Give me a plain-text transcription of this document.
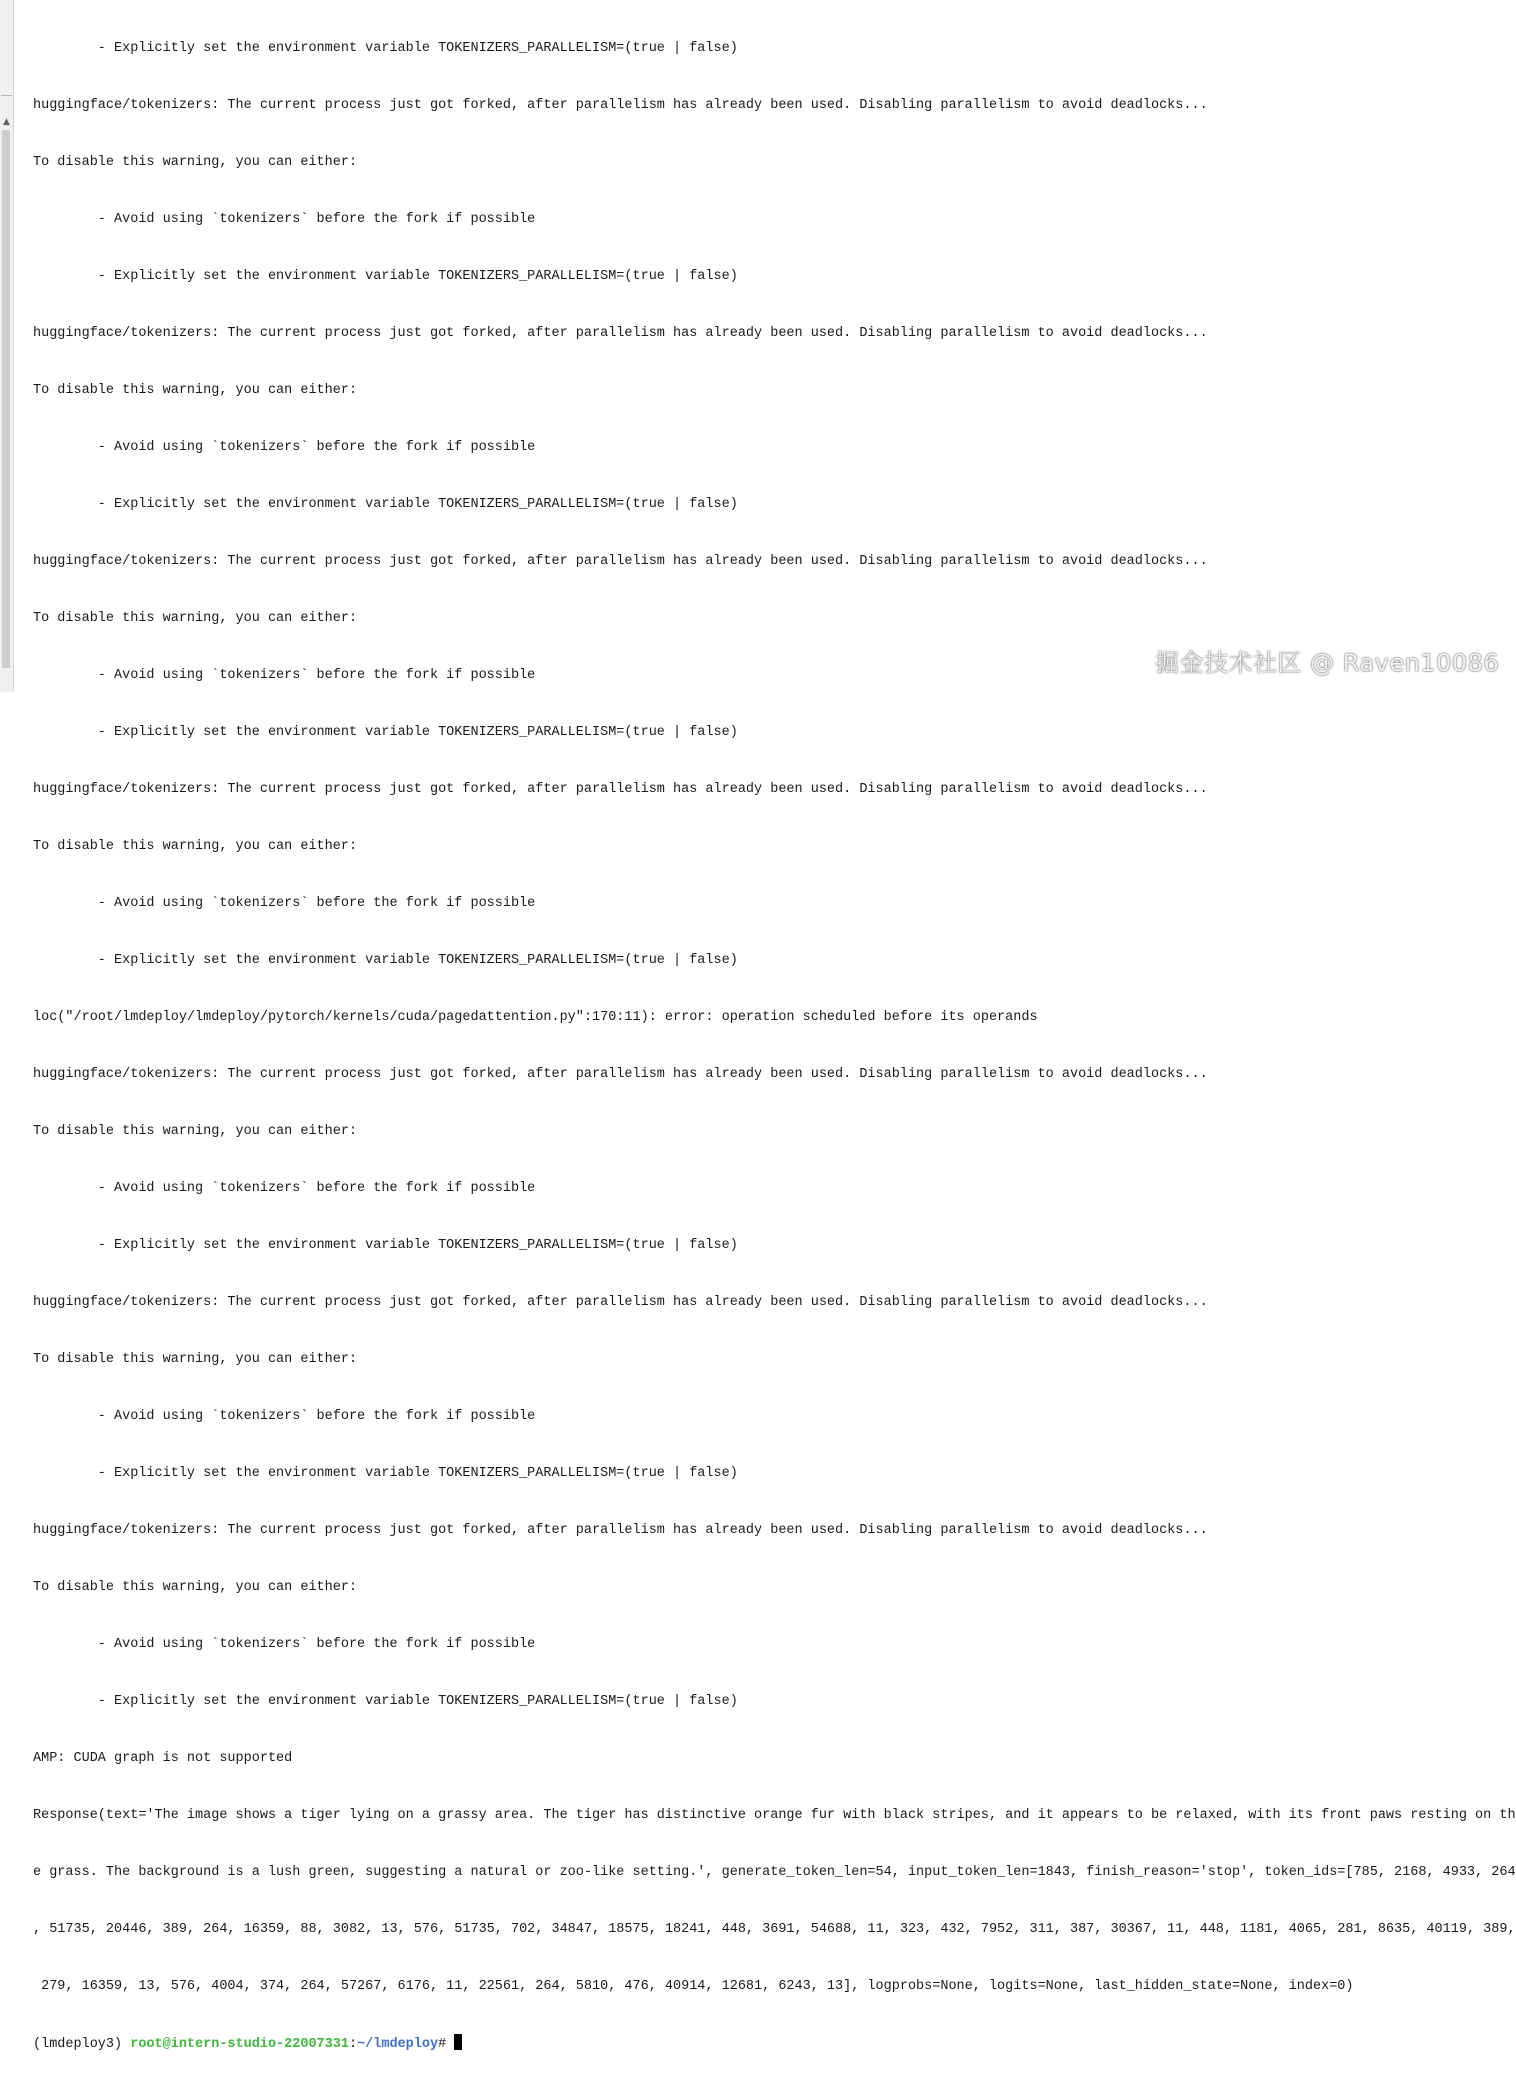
▲

- Explicitly set the environment variable TOKENIZERS_PARALLELISM=(true | false)

huggingface/tokenizers: The current process just got forked, after parallelism has already been used. Disabling parallelism to avoid deadlocks...

To disable this warning, you can either:

- Avoid using `tokenizers` before the fork if possible

- Explicitly set the environment variable TOKENIZERS_PARALLELISM=(true | false)

huggingface/tokenizers: The current process just got forked, after parallelism has already been used. Disabling parallelism to avoid deadlocks...

To disable this warning, you can either:

- Avoid using `tokenizers` before the fork if possible

- Explicitly set the environment variable TOKENIZERS_PARALLELISM=(true | false)

huggingface/tokenizers: The current process just got forked, after parallelism has already been used. Disabling parallelism to avoid deadlocks...

To disable this warning, you can either:

- Avoid using `tokenizers` before the fork if possible

- Explicitly set the environment variable TOKENIZERS_PARALLELISM=(true | false)

huggingface/tokenizers: The current process just got forked, after parallelism has already been used. Disabling parallelism to avoid deadlocks...

To disable this warning, you can either:

- Avoid using `tokenizers` before the fork if possible

- Explicitly set the environment variable TOKENIZERS_PARALLELISM=(true | false)

loc("/root/lmdeploy/lmdeploy/pytorch/kernels/cuda/pagedattention.py":170:11): error: operation scheduled before its operands

huggingface/tokenizers: The current process just got forked, after parallelism has already been used. Disabling parallelism to avoid deadlocks...

To disable this warning, you can either:

- Avoid using `tokenizers` before the fork if possible

- Explicitly set the environment variable TOKENIZERS_PARALLELISM=(true | false)

huggingface/tokenizers: The current process just got forked, after parallelism has already been used. Disabling parallelism to avoid deadlocks...

To disable this warning, you can either:

- Avoid using `tokenizers` before the fork if possible

- Explicitly set the environment variable TOKENIZERS_PARALLELISM=(true | false)

huggingface/tokenizers: The current process just got forked, after parallelism has already been used. Disabling parallelism to avoid deadlocks...

To disable this warning, you can either:

- Avoid using `tokenizers` before the fork if possible

- Explicitly set the environment variable TOKENIZERS_PARALLELISM=(true | false)

AMP: CUDA graph is not supported

Response(text='The image shows a tiger lying on a grassy area. The tiger has distinctive orange fur with black stripes, and it appears to be relaxed, with its front paws resting on th

e grass. The background is a lush green, suggesting a natural or zoo-like setting.', generate_token_len=54, input_token_len=1843, finish_reason='stop', token_ids=[785, 2168, 4933, 264

, 51735, 20446, 389, 264, 16359, 88, 3082, 13, 576, 51735, 702, 34847, 18575, 18241, 448, 3691, 54688, 11, 323, 432, 7952, 311, 387, 30367, 11, 448, 1181, 4065, 281, 8635, 40119, 389,

279, 16359, 13, 576, 4004, 374, 264, 57267, 6176, 11, 22561, 264, 5810, 476, 40914, 12681, 6243, 13], logprobs=None, logits=None, last_hidden_state=None, index=0)

(lmdeploy3) root@intern-studio-22007331:~/lmdeploy#

掘金技术社区 @ Raven10086
